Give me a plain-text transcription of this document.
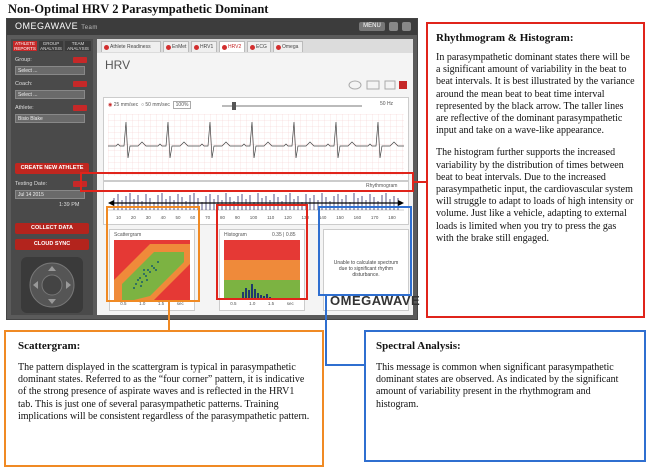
Non-Optimal HRV 2 Parasympathetic Dominant
OMEGAWAVE Team	MENU
ATHLETE REPORTS
GROUP ANALYSIS
TEAM ANALYSIS
Group:
Select ...
Coach:
Select ...
Athlete:
Bisio Blake
CREATE NEW ATHLETE
Testing Date:
Jul 14 2015
1:39 PM
COLLECT DATA
CLOUD SYNC
Athlete Readiness	EnMet	HRV1	HRV2	ECG	Omega
HRV
◉ 25 mm/sec  ○ 50 mm/sec 100%	50 Hz
Rhythmogram
10 20 30 40 50 60 70 80 90 100 110 120 130 140 150 160 170 180
Scattergram
0.5	1.0	1.5	sec
Histogram	0.35 | 0.85
0.5	1.0	1.5	sec
Unable to calculate spectrum due to significant rhythm disturbance.
OMEGAWAVE
Rhythmogram & Histogram:

In parasympathetic dominant states there will be a significant amount of variability in the beat to beat intervals. It is best illustrated by the variance around the mean beat to beat time interval represented by the black arrow. The taller lines are reflective of the dominant parasympathetic input and take on a wave-like appearance.

The histogram further supports the increased variability by the distribution of times between beat to beat intervals. Due to the increased parasympathetic input, the cardiovascular system will struggle to adapt to loads of high intensity or volume. Just like a vehicle, adapting to external loads is limited when you try to press the gas with the brake still engaged.

Scattergram:

The pattern displayed in the scattergram is typical in parasympathetic dominant states. Referred to as the “four corner” pattern, it is indicative of the strong presence of aspirate waves and is reflected in the HRV1 tab. This is just one of several parasympathetic patterns. Training implications will be consistent regardless of the parasympathetic pattern.

Spectral Analysis:

This message is common when significant parasympathetic dominant states are observed. As indicated by the significant amount of variability present in the rhythmogram and histogram.
